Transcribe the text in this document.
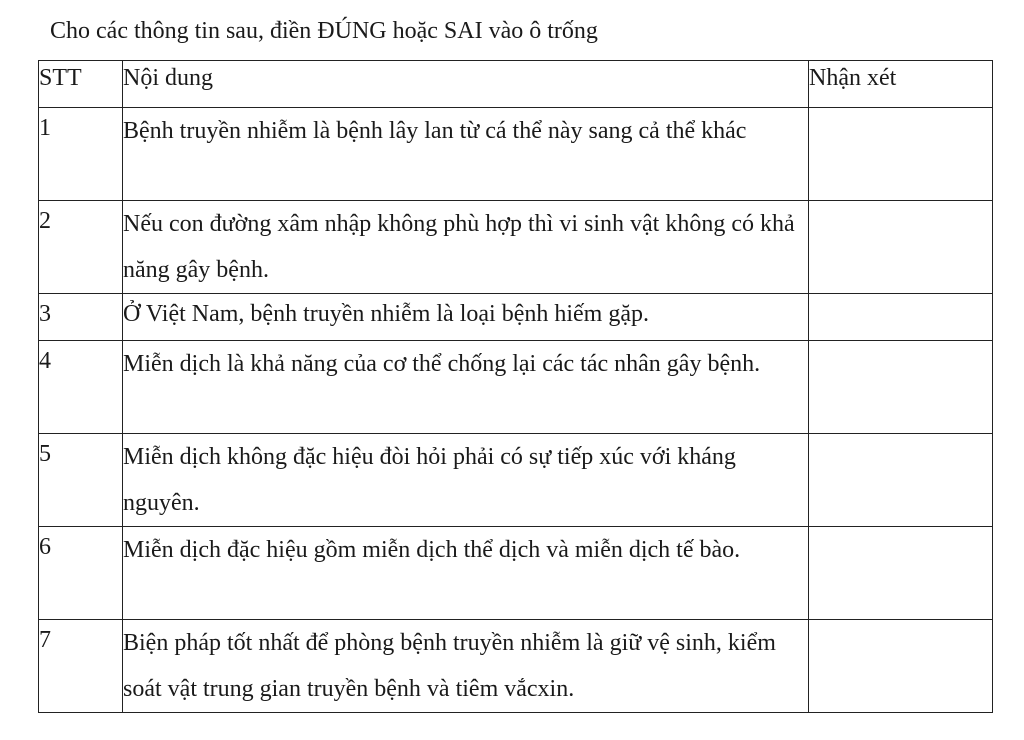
Cho các thông tin sau, điền ĐÚNG hoặc SAI vào ô trống
STT	Nội dung	Nhận xét
1	Bệnh truyền nhiễm là bệnh lây lan từ cá thể này sang cả thể khác	
2	Nếu con đường xâm nhập không phù hợp thì vi sinh vật không có khả năng gây bệnh.	
3	Ở Việt Nam, bệnh truyền nhiễm là loại bệnh hiếm gặp.	
4	Miễn dịch là khả năng của cơ thể chống lại các tác nhân gây bệnh.	
5	Miễn dịch không đặc hiệu đòi hỏi phải có sự tiếp xúc với kháng nguyên.	
6	Miễn dịch đặc hiệu gồm miễn dịch thể dịch và miễn dịch tế bào.	
7	Biện pháp tốt nhất để phòng bệnh truyền nhiễm là giữ vệ sinh, kiểm soát vật trung gian truyền bệnh và tiêm vắcxin.	
